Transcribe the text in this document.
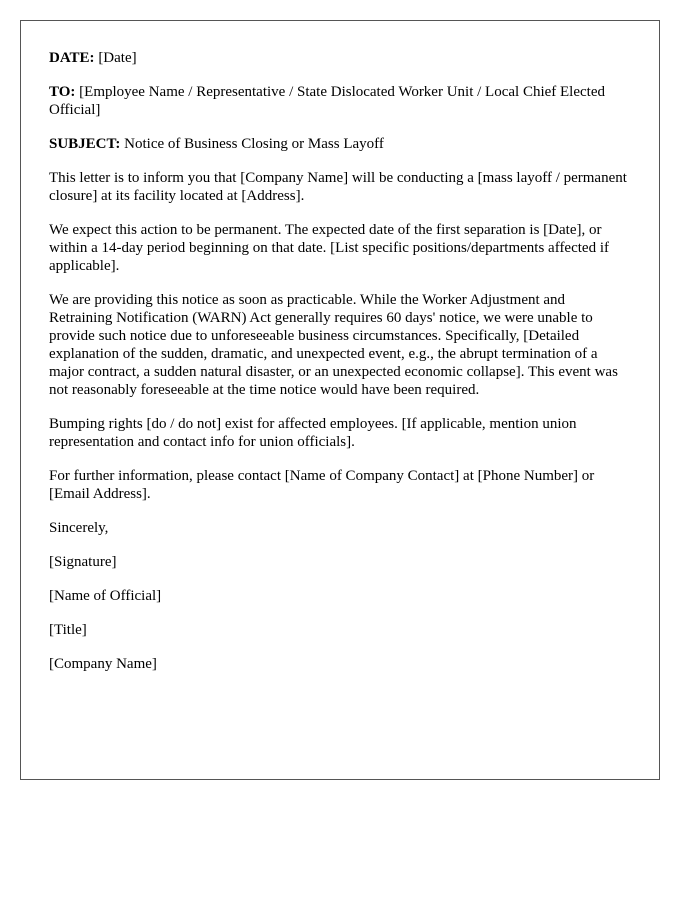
DATE: [Date]

TO: [Employee Name / Representative / State Dislocated Worker Unit / Local Chief Elected Official]

SUBJECT: Notice of Business Closing or Mass Layoff

This letter is to inform you that [Company Name] will be conducting a [mass layoff / permanent closure] at its facility located at [Address].

We expect this action to be permanent. The expected date of the first separation is [Date], or within a 14-day period beginning on that date. [List specific positions/departments affected if applicable].

We are providing this notice as soon as practicable. While the Worker Adjustment and Retraining Notification (WARN) Act generally requires 60 days' notice, we were unable to provide such notice due to unforeseeable business circumstances. Specifically, [Detailed explanation of the sudden, dramatic, and unexpected event, e.g., the abrupt termination of a major contract, a sudden natural disaster, or an unexpected economic collapse]. This event was not reasonably foreseeable at the time notice would have been required.

Bumping rights [do / do not] exist for affected employees. [If applicable, mention union representation and contact info for union officials].

For further information, please contact [Name of Company Contact] at [Phone Number] or [Email Address].

Sincerely,

[Signature]

[Name of Official]

[Title]

[Company Name]
